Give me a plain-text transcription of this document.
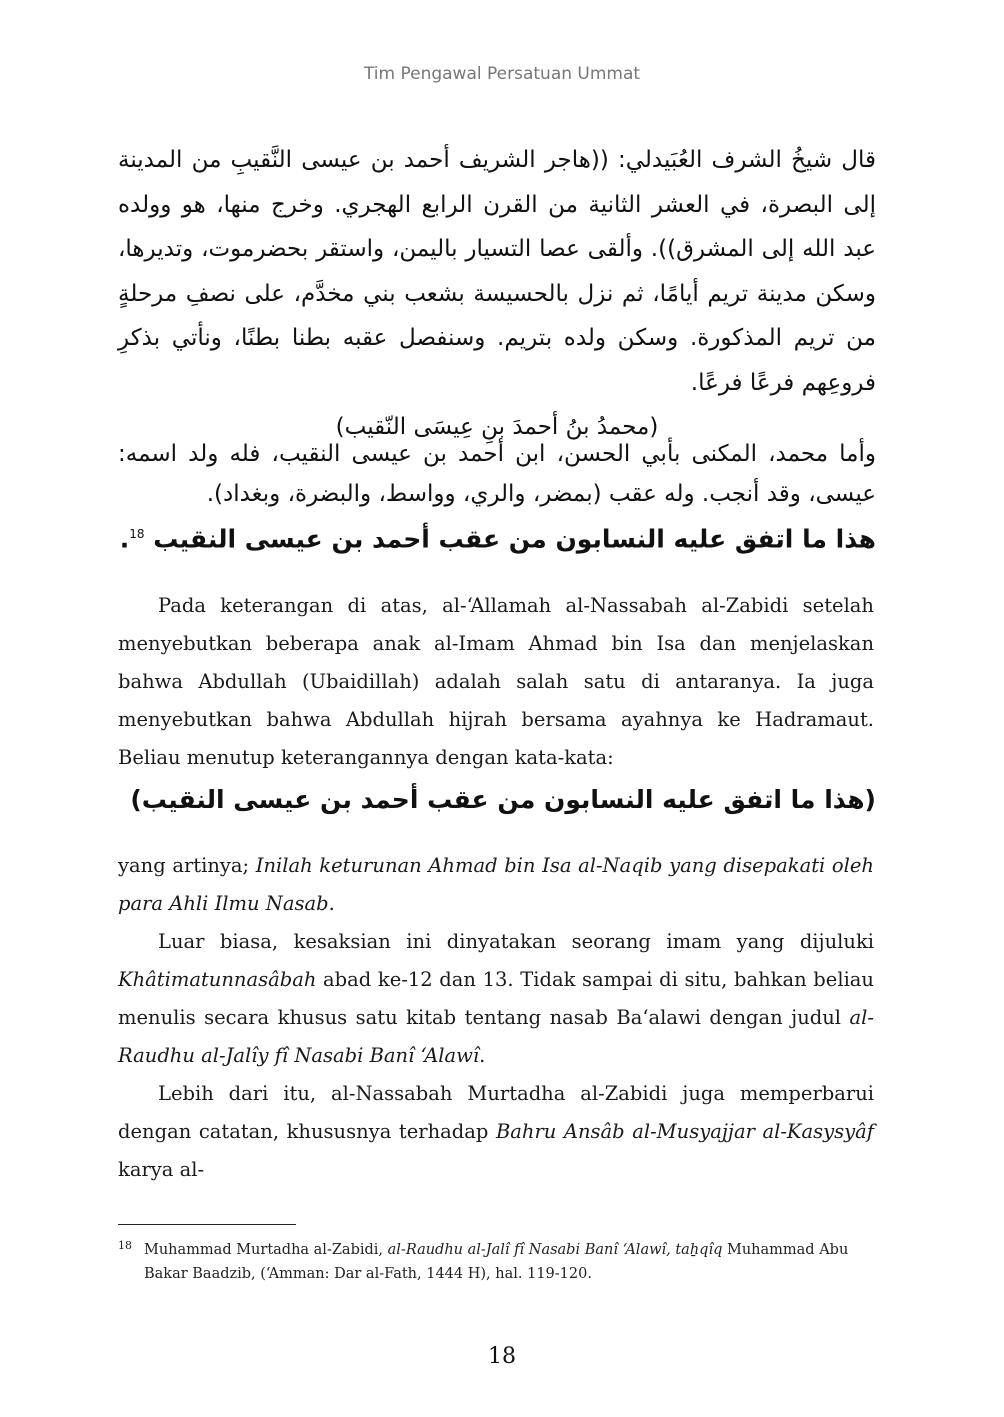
Tim Pengawal Persatuan Ummat
قال شيخُ الشرف العُبَيدلي: ((هاجر الشريف أحمد بن عيسى النَّقيبِ من المدينة إلى البصرة، في العشر الثانية من القرن الرابع الهجري. وخرج منها، هو وولده عبد الله إلى المشرق)). وألقى عصا التسيار باليمن، واستقر بحضرموت، وتديرها، وسكن مدينة تريم أيامًا، ثم نزل بالحسيسة بشعب بني مخدَّم، على نصفِ مرحلةٍ من تريم المذكورة. وسكن ولده بتريم. وسنفصل عقبه بطنا بطنًا، ونأتي بذكرِ فروعِهم فرعًا فرعًا.
(محمدُ بنُ أحمدَ بنِ عِيسَى النّقيب)
وأما محمد، المكنى بأبي الحسن، ابن أحمد بن عيسى النقيب، فله ولد اسمه: عيسى، وقد أنجب. وله عقب (بمضر، والري، وواسط، والبضرة، وبغداد).
هذا ما اتفق عليه النسابون من عقب أحمد بن عيسى النقيب $^{18}$.

Pada keterangan di atas, al-‘Allamah al-Nassabah al-Zabidi setelah menyebutkan beberapa anak al-Imam Ahmad bin Isa dan menjelaskan bahwa Abdullah (Ubaidillah) adalah salah satu di antaranya. Ia juga menyebutkan bahwa Abdullah hijrah bersama ayahnya ke Hadramaut. Beliau menutup keterangannya dengan kata-kata:

(هذا ما اتفق عليه النسابون من عقب أحمد بن عيسى النقيب)

yang artinya; Inilah keturunan Ahmad bin Isa al-Naqib yang disepakati oleh para Ahli Ilmu Nasab.

Luar biasa, kesaksian ini dinyatakan seorang imam yang dijuluki Khâtimatunnasâbah abad ke-12 dan 13. Tidak sampai di situ, bahkan beliau menulis secara khusus satu kitab tentang nasab Ba‘alawi dengan judul al-Raudhu al-Jalîy fî Nasabi Banî ‘Alawî.

Lebih dari itu, al-Nassabah Murtadha al-Zabidi juga memperbarui dengan catatan, khususnya terhadap Bahru Ansâb al-Musyajjar al-Kasysyâf karya al-

18 Muhammad Murtadha al-Zabidi, al-Raudhu al-Jalî fî Nasabi Banî ‘Alawî, taẖqîq Muhammad Abu Bakar Baadzib, (‘Amman: Dar al-Fath, 1444 H), hal. 119-120.
18
